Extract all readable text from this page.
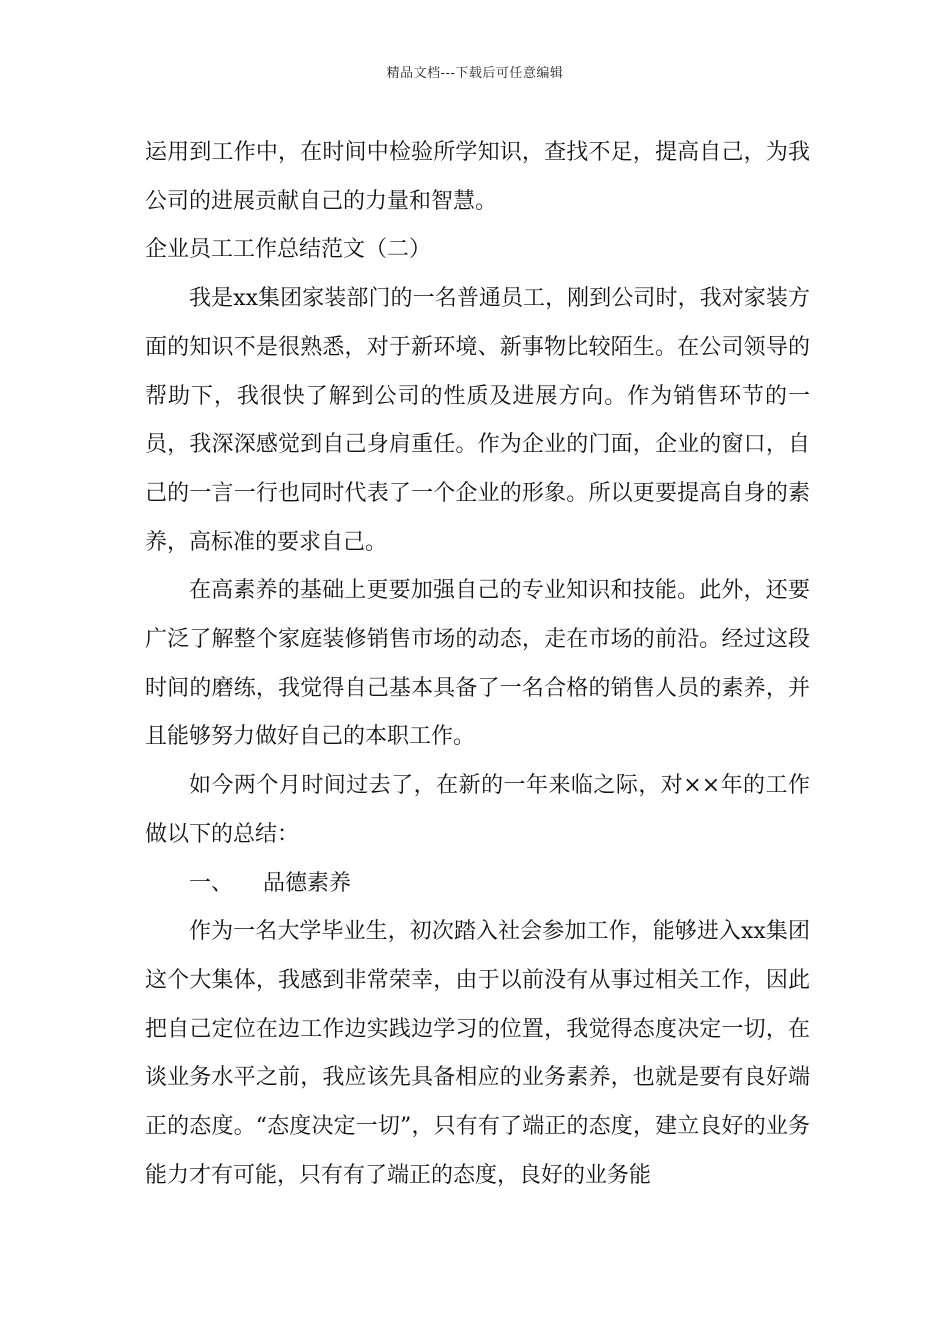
精品文档---下载后可任意编辑

运用到工作中，在时间中检验所学知识，查找不足，提高自己，为我公司的进展贡献自己的力量和智慧。

企业员工工作总结范文（二）

我是xx集团家装部门的一名普通员工，刚到公司时，我对家装方面的知识不是很熟悉，对于新环境、新事物比较陌生。在公司领导的帮助下，我很快了解到公司的性质及进展方向。作为销售环节的一员，我深深感觉到自己身肩重任。作为企业的门面，企业的窗口，自己的一言一行也同时代表了一个企业的形象。所以更要提高自身的素养，高标准的要求自己。

在高素养的基础上更要加强自己的专业知识和技能。此外，还要广泛了解整个家庭装修销售市场的动态，走在市场的前沿。经过这段时间的磨练，我觉得自己基本具备了一名合格的销售人员的素养，并且能够努力做好自己的本职工作。

如今两个月时间过去了，在新的一年来临之际，对××年的工作做以下的总结：

一、 品德素养

作为一名大学毕业生，初次踏入社会参加工作，能够进入xx集团这个大集体，我感到非常荣幸，由于以前没有从事过相关工作，因此把自己定位在边工作边实践边学习的位置，我觉得态度决定一切，在谈业务水平之前，我应该先具备相应的业务素养，也就是要有良好端正的态度。“态度决定一切”，只有有了端正的态度，建立良好的业务能力才有可能，只有有了端正的态度，良好的业务能
